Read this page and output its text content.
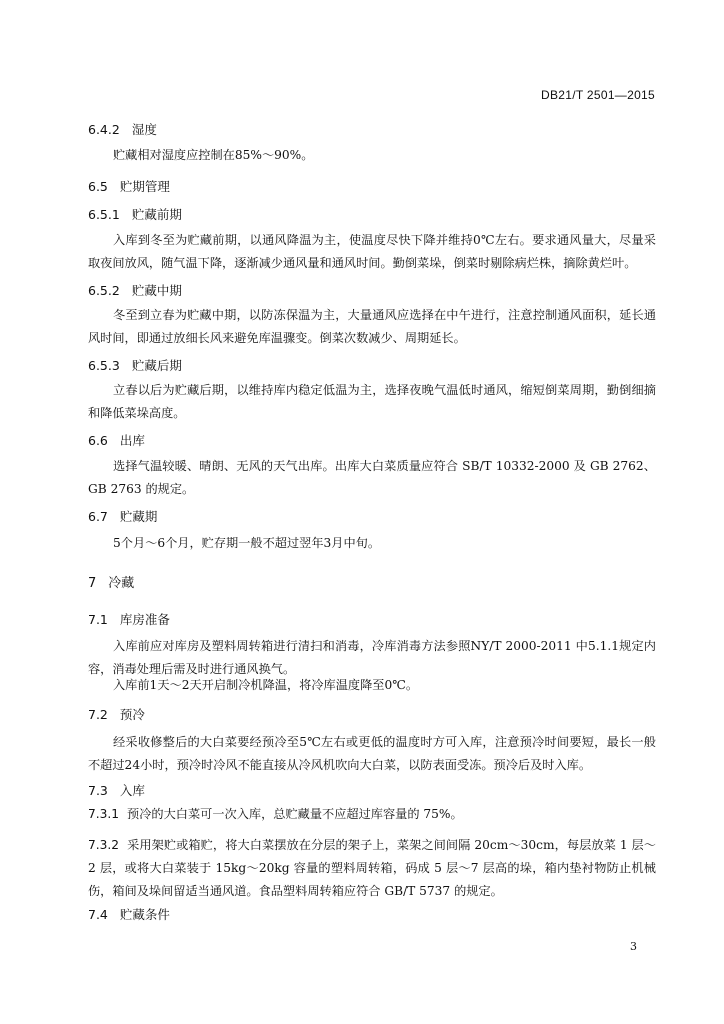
DB21/T 2501—2015
6.4.2 湿度
贮藏相对湿度应控制在85%～90%。
6.5 贮期管理
6.5.1 贮藏前期
入库到冬至为贮藏前期，以通风降温为主，使温度尽快下降并维持0℃左右。要求通风量大，尽量采取夜间放风，随气温下降，逐渐减少通风量和通风时间。勤倒菜垛，倒菜时剔除病烂株，摘除黄烂叶。
6.5.2 贮藏中期
冬至到立春为贮藏中期，以防冻保温为主，大量通风应选择在中午进行，注意控制通风面积，延长通风时间，即通过放细长风来避免库温骤变。倒菜次数减少、周期延长。
6.5.3 贮藏后期
立春以后为贮藏后期，以维持库内稳定低温为主，选择夜晚气温低时通风，缩短倒菜周期，勤倒细摘和降低菜垛高度。
6.6 出库
选择气温较暖、晴朗、无风的天气出库。出库大白菜质量应符合 SB/T 10332-2000 及 GB 2762、GB 2763 的规定。
6.7 贮藏期
5个月～6个月，贮存期一般不超过翌年3月中旬。
7 冷藏
7.1 库房准备
入库前应对库房及塑料周转箱进行清扫和消毒，冷库消毒方法参照NY/T 2000-2011 中5.1.1规定内容，消毒处理后需及时进行通风换气。
入库前1天～2天开启制冷机降温，将冷库温度降至0℃。
7.2 预冷
经采收修整后的大白菜要经预冷至5℃左右或更低的温度时方可入库，注意预冷时间要短，最长一般不超过24小时，预冷时冷风不能直接从冷风机吹向大白菜，以防表面受冻。预冷后及时入库。
7.3 入库
7.3.1 预冷的大白菜可一次入库，总贮藏量不应超过库容量的 75%。
7.3.2 采用架贮或箱贮，将大白菜摆放在分层的架子上，菜架之间间隔 20cm～30cm，每层放菜 1 层～2 层，或将大白菜装于 15kg～20kg 容量的塑料周转箱，码成 5 层～7 层高的垛，箱内垫衬物防止机械伤，箱间及垛间留适当通风道。食品塑料周转箱应符合 GB/T 5737 的规定。
7.4 贮藏条件
3
